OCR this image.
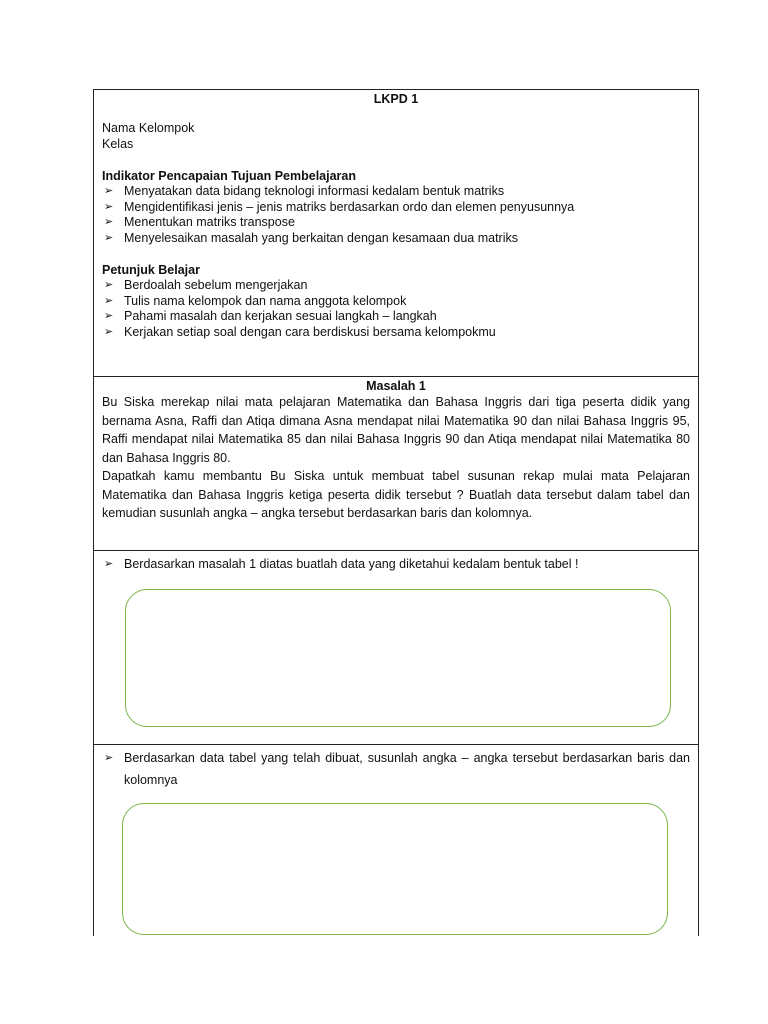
LKPD 1
Nama Kelompok
Kelas
Indikator Pencapaian Tujuan Pembelajaran
➢ Menyatakan data bidang teknologi informasi kedalam bentuk matriks
➢ Mengidentifikasi jenis – jenis matriks berdasarkan ordo dan elemen penyusunnya
➢ Menentukan matriks transpose
➢ Menyelesaikan masalah yang berkaitan dengan kesamaan dua matriks
Petunjuk Belajar
➢ Berdoalah sebelum mengerjakan
➢ Tulis nama kelompok dan nama anggota kelompok
➢ Pahami masalah dan kerjakan sesuai langkah – langkah
➢ Kerjakan setiap soal dengan cara berdiskusi bersama kelompokmu
Masalah 1
Bu Siska merekap nilai mata pelajaran Matematika dan Bahasa Inggris dari tiga peserta didik yang bernama Asna, Raffi dan Atiqa dimana Asna mendapat nilai Matematika 90 dan nilai Bahasa Inggris 95, Raffi mendapat nilai Matematika 85 dan nilai Bahasa Inggris 90 dan Atiqa mendapat nilai Matematika 80 dan Bahasa Inggris 80.
Dapatkah kamu membantu Bu Siska untuk membuat tabel susunan rekap mulai mata Pelajaran Matematika dan Bahasa Inggris ketiga peserta didik tersebut ? Buatlah data tersebut dalam tabel dan kemudian susunlah angka – angka tersebut berdasarkan baris dan kolomnya.
➢ Berdasarkan masalah 1 diatas buatlah data yang diketahui kedalam bentuk tabel !
➢ Berdasarkan data tabel yang telah dibuat, susunlah angka – angka tersebut berdasarkan baris dan kolomnya
